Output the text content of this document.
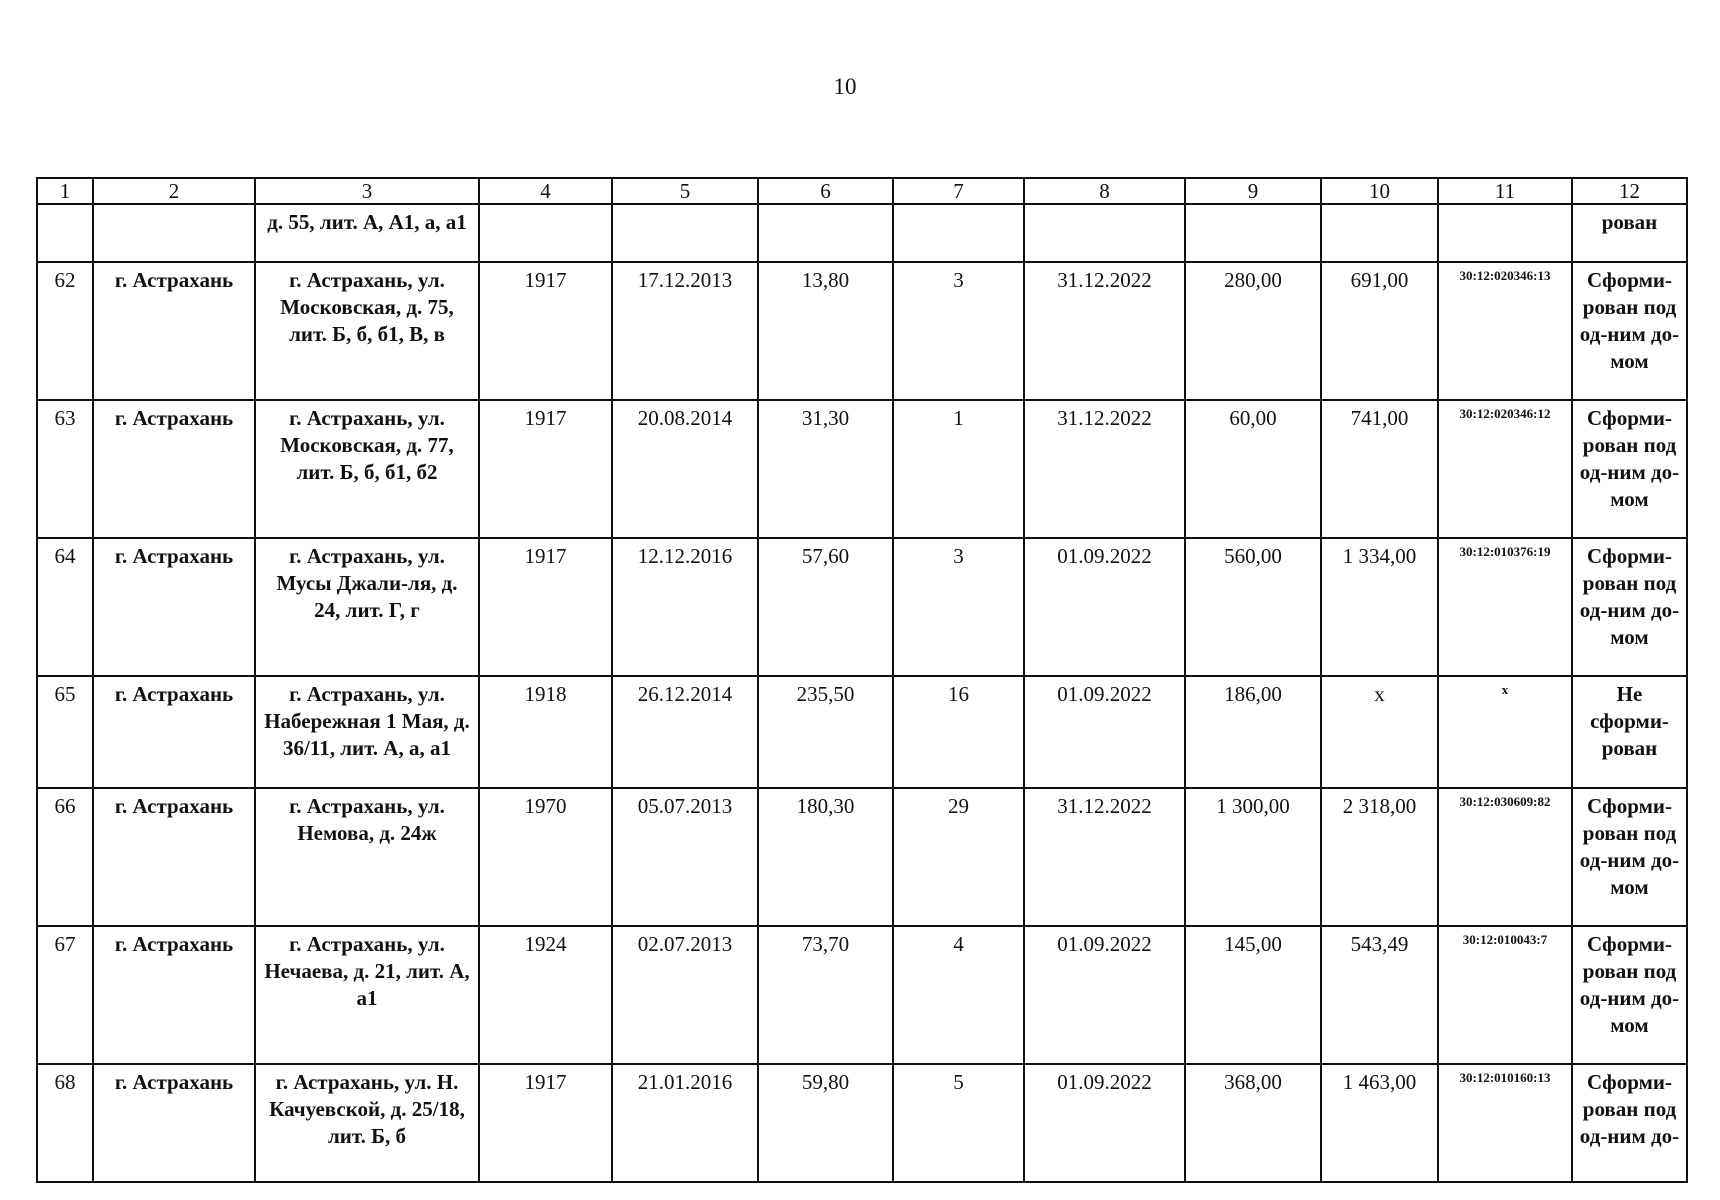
10
1	2	3	4	5	6	7	8	9	10	11	12
		д. 55, лит. А, А1, а, а1									рован
62	г. Астрахань	г. Астрахань, ул. Московская, д. 75, лит. Б, б, б1, В, в	1917	17.12.2013	13,80	3	31.12.2022	280,00	691,00	30:12:020346:13	Сформи-рован под од-ним до-мом
63	г. Астрахань	г. Астрахань, ул. Московская, д. 77, лит. Б, б, б1, б2	1917	20.08.2014	31,30	1	31.12.2022	60,00	741,00	30:12:020346:12	Сформи-рован под од-ним до-мом
64	г. Астрахань	г. Астрахань, ул. Мусы Джали-ля, д. 24, лит. Г, г	1917	12.12.2016	57,60	3	01.09.2022	560,00	1 334,00	30:12:010376:19	Сформи-рован под од-ним до-мом
65	г. Астрахань	г. Астрахань, ул. Набережная 1 Мая, д. 36/11, лит. А, а, а1	1918	26.12.2014	235,50	16	01.09.2022	186,00	х	х	Не сформи-рован
66	г. Астрахань	г. Астрахань, ул. Немова, д. 24ж	1970	05.07.2013	180,30	29	31.12.2022	1 300,00	2 318,00	30:12:030609:82	Сформи-рован под од-ним до-мом
67	г. Астрахань	г. Астрахань, ул. Нечаева, д. 21, лит. А, а1	1924	02.07.2013	73,70	4	01.09.2022	145,00	543,49	30:12:010043:7	Сформи-рован под од-ним до-мом
68	г. Астрахань	г. Астрахань, ул. Н. Качуевской, д. 25/18, лит. Б, б	1917	21.01.2016	59,80	5	01.09.2022	368,00	1 463,00	30:12:010160:13	Сформи-рован под од-ним до-
